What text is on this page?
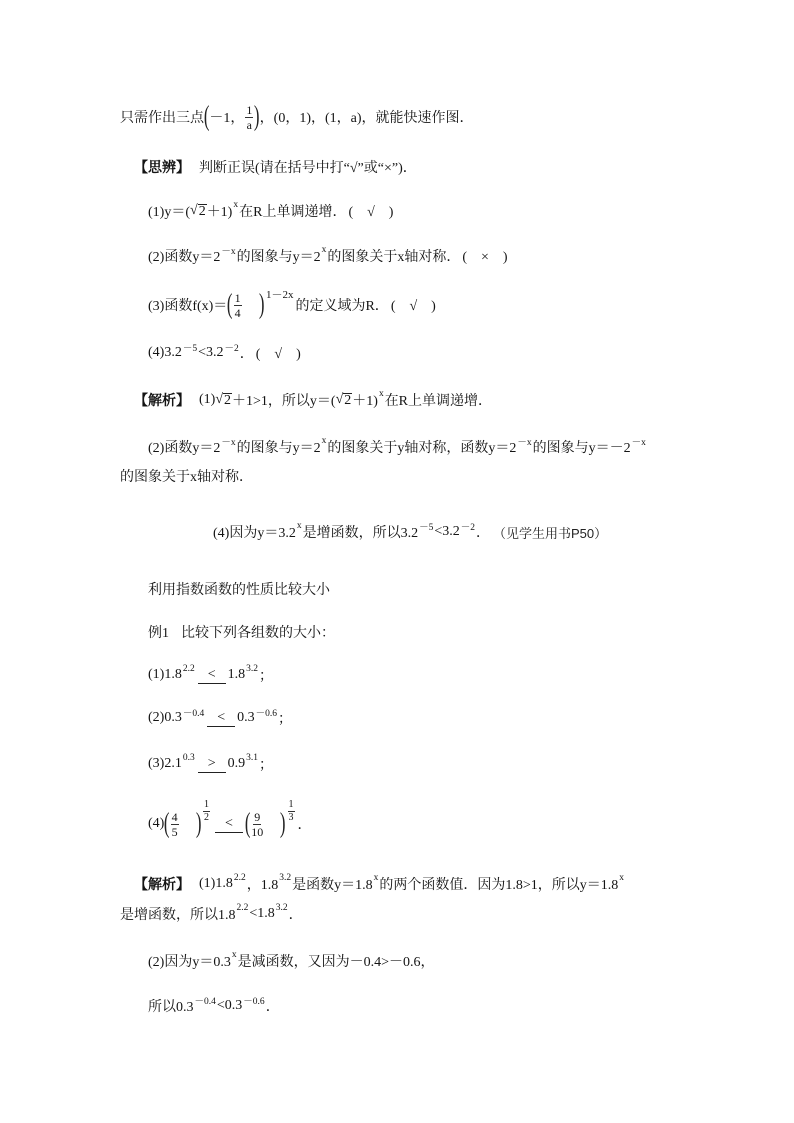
只需作出三点 ( －1， $\frac{1}{a}$ ) ，(0，1)，(1，a)，就能快速作图．
【思辨】 判断正误(请在括号中打“√”或“×”)．
(1)y＝( √ 2 ＋1) x 在R上单调递增． (　√　)
(2)函数y＝2 －x 的图象与y＝2 x 的图象关于x轴对称． (　×　)
(3)函数f(x)＝ ( $\frac{1}{4}$ ) 1－2x
的定义域为R． (　√　)
(4)3.2 －5 <3.2 －2 ． (　√　)
【解析】 (1) √ 2 ＋1>1，所以y＝( √ 2 ＋1) x 在R上单调递增．
(2)函数y＝2 －x 的图象与y＝2 x 的图象关于y轴对称，函数y＝2 －x 的图象与y＝－2 －x
的图象关于x轴对称．
(4)因为y＝3.2 x 是增函数，所以3.2 －5 <3.2 －2 ． （见学生用书P50）
利用指数函数的性质比较大小
例1 比较下列各组数的大小：
(1)1.8 2.2 < 1.8 3.2 ；
(2)0.3 －0.4 < 0.3 －0.6 ；
(3)2.1 0.3 > 0.9 3.1 ；
(4) ( $\frac{4}{5}$ ) $\frac{1}{2}$	< ( $\frac{9}{10}$ ) $\frac{1}{3}$
．
【解析】 (1)1.8 2.2 ，1.8 3.2 是函数y＝1.8 x 的两个函数值．因为1.8>1，所以y＝1.8 x
是增函数，所以1.8 2.2 <1.8 3.2 ．
(2)因为y＝0.3 x 是减函数，又因为－0.4>－0.6，
所以0.3 －0.4 <0.3 －0.6 ．
